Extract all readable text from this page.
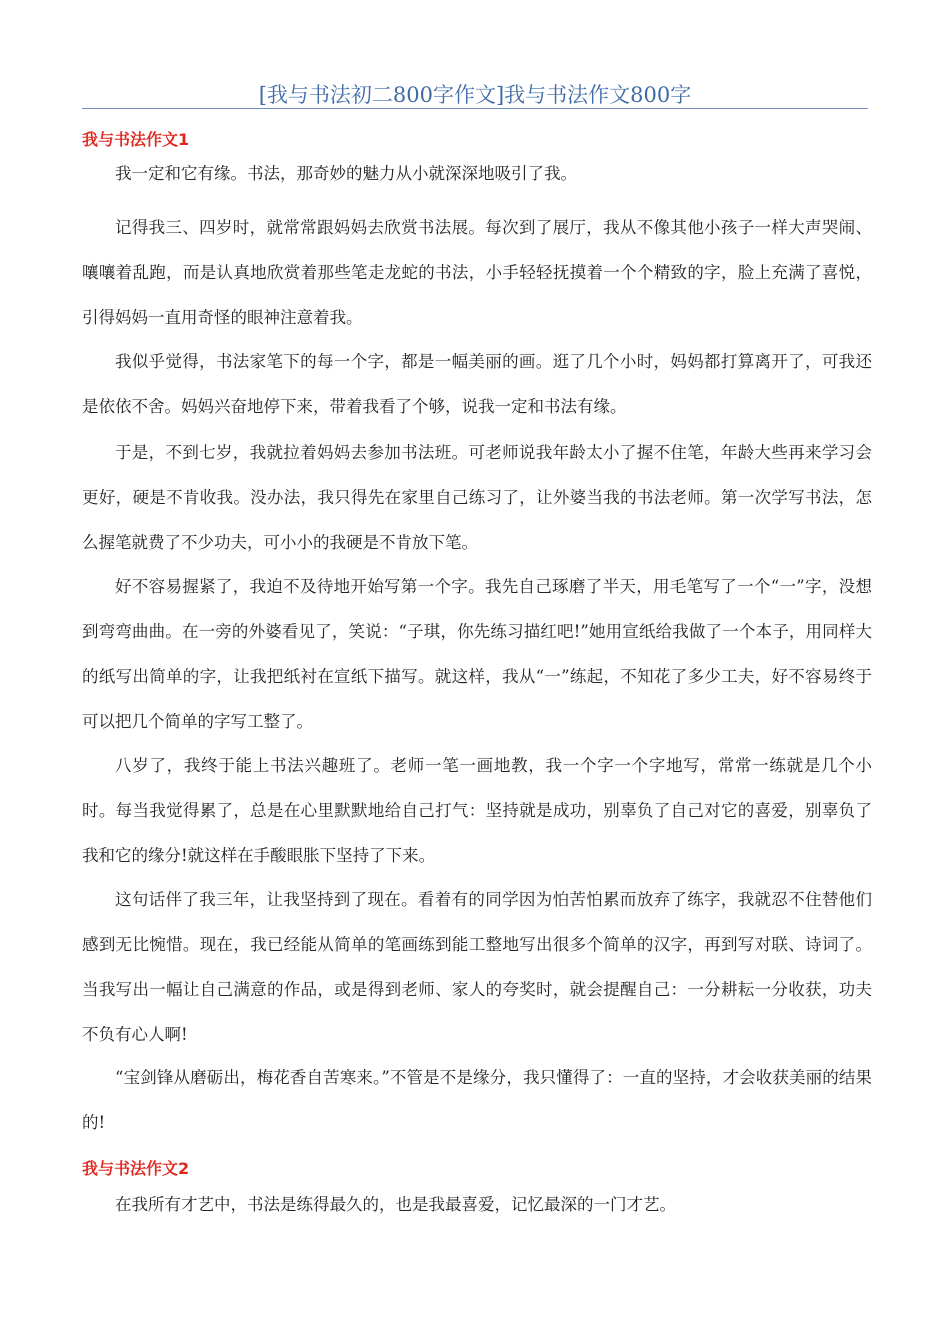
[我与书法初二800字作文]我与书法作文800字
我与书法作文1

我一定和它有缘。书法，那奇妙的魅力从小就深深地吸引了我。

记得我三、四岁时，就常常跟妈妈去欣赏书法展。每次到了展厅，我从不像其他小孩子一样大声哭闹、嚷嚷着乱跑，而是认真地欣赏着那些笔走龙蛇的书法，小手轻轻抚摸着一个个精致的字，脸上充满了喜悦，引得妈妈一直用奇怪的眼神注意着我。

我似乎觉得，书法家笔下的每一个字，都是一幅美丽的画。逛了几个小时，妈妈都打算离开了，可我还是依依不舍。妈妈兴奋地停下来，带着我看了个够，说我一定和书法有缘。

于是，不到七岁，我就拉着妈妈去参加书法班。可老师说我年龄太小了握不住笔，年龄大些再来学习会更好，硬是不肯收我。没办法，我只得先在家里自己练习了，让外婆当我的书法老师。第一次学写书法，怎么握笔就费了不少功夫，可小小的我硬是不肯放下笔。

好不容易握紧了，我迫不及待地开始写第一个字。我先自己琢磨了半天，用毛笔写了一个“一”字，没想到弯弯曲曲。在一旁的外婆看见了，笑说：“子琪，你先练习描红吧!”她用宣纸给我做了一个本子，用同样大的纸写出简单的字，让我把纸衬在宣纸下描写。就这样，我从“一”练起，不知花了多少工夫，好不容易终于可以把几个简单的字写工整了。

八岁了，我终于能上书法兴趣班了。老师一笔一画地教，我一个字一个字地写，常常一练就是几个小时。每当我觉得累了，总是在心里默默地给自己打气：坚持就是成功，别辜负了自己对它的喜爱，别辜负了我和它的缘分!就这样在手酸眼胀下坚持了下来。

这句话伴了我三年，让我坚持到了现在。看着有的同学因为怕苦怕累而放弃了练字，我就忍不住替他们感到无比惋惜。现在，我已经能从简单的笔画练到能工整地写出很多个简单的汉字，再到写对联、诗词了。当我写出一幅让自己满意的作品，或是得到老师、家人的夸奖时，就会提醒自己：一分耕耘一分收获，功夫不负有心人啊!

“宝剑锋从磨砺出，梅花香自苦寒来。”不管是不是缘分，我只懂得了：一直的坚持，才会收获美丽的结果的!

我与书法作文2

在我所有才艺中，书法是练得最久的，也是我最喜爱，记忆最深的一门才艺。
